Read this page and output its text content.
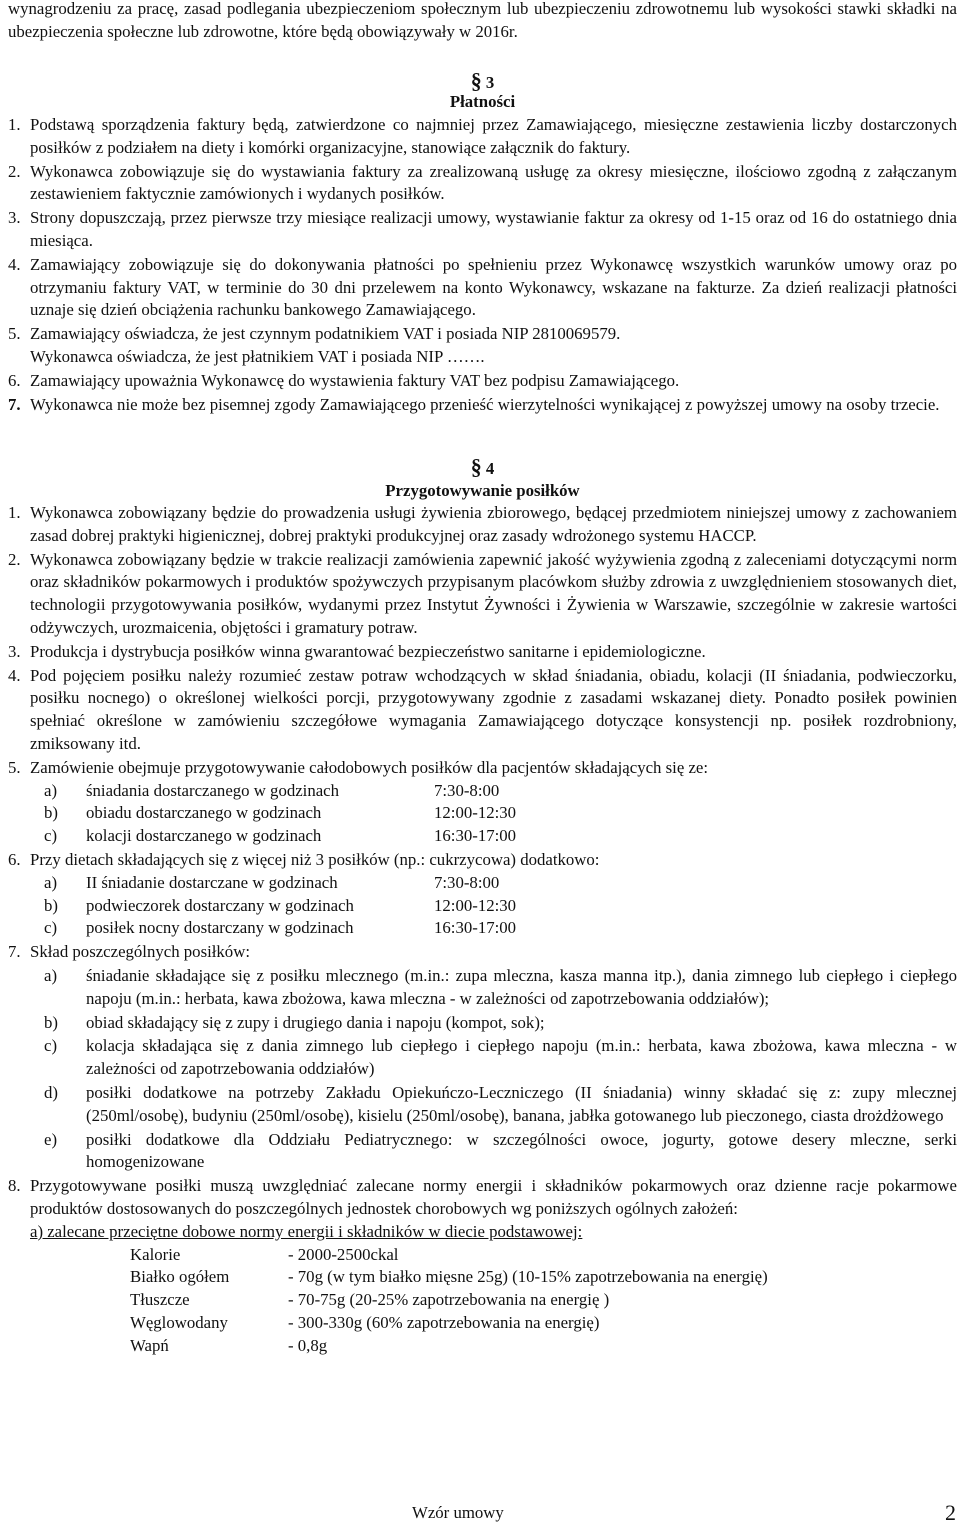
wynagrodzeniu za pracę, zasad podlegania ubezpieczeniom społecznym lub ubezpieczeniu zdrowotnemu lub wysokości stawki składki na ubezpieczenia społeczne lub zdrowotne, które będą obowiązywały w 2016r.
§ 3
Płatności
1. Podstawą sporządzenia faktury będą, zatwierdzone co najmniej przez Zamawiającego, miesięczne zestawienia liczby dostarczonych posiłków z podziałem na diety i komórki organizacyjne, stanowiące załącznik do faktury.
2. Wykonawca zobowiązuje się do wystawiania faktury za zrealizowaną usługę za okresy miesięczne, ilościowo zgodną z załączanym zestawieniem faktycznie zamówionych i wydanych posiłków.
3. Strony dopuszczają, przez pierwsze trzy miesiące realizacji umowy, wystawianie faktur za okresy od 1-15 oraz od 16 do ostatniego dnia miesiąca.
4. Zamawiający zobowiązuje się do dokonywania płatności po spełnieniu przez Wykonawcę wszystkich warunków umowy oraz po otrzymaniu faktury VAT, w terminie do 30 dni przelewem na konto Wykonawcy, wskazane na fakturze. Za dzień realizacji płatności uznaje się dzień obciążenia rachunku bankowego Zamawiającego.
5. Zamawiający oświadcza, że jest czynnym podatnikiem VAT i posiada NIP 2810069579.
Wykonawca oświadcza, że jest płatnikiem VAT i posiada NIP …….
6. Zamawiający upoważnia Wykonawcę do wystawienia faktury VAT bez podpisu Zamawiającego.
7. Wykonawca nie może bez pisemnej zgody Zamawiającego przenieść wierzytelności wynikającej z powyższej umowy na osoby trzecie.
§ 4
Przygotowywanie posiłków
1. Wykonawca zobowiązany będzie do prowadzenia usługi żywienia zbiorowego, będącej przedmiotem niniejszej umowy z zachowaniem zasad dobrej praktyki higienicznej, dobrej praktyki produkcyjnej oraz zasady wdrożonego systemu HACCP.
2. Wykonawca zobowiązany będzie w trakcie realizacji zamówienia zapewnić jakość wyżywienia zgodną z zaleceniami dotyczącymi norm oraz składników pokarmowych i produktów spożywczych przypisanym placówkom służby zdrowia z uwzględnieniem stosowanych diet, technologii przygotowywania posiłków, wydanymi przez Instytut Żywności i Żywienia w Warszawie, szczególnie w zakresie wartości odżywczych, urozmaicenia, objętości i gramatury potraw.
3. Produkcja i dystrybucja posiłków winna gwarantować bezpieczeństwo sanitarne i epidemiologiczne.
4. Pod pojęciem posiłku należy rozumieć zestaw potraw wchodzących w skład śniadania, obiadu, kolacji (II śniadania, podwieczorku, posiłku nocnego) o określonej wielkości porcji, przygotowywany zgodnie z zasadami wskazanej diety. Ponadto posiłek powinien spełniać określone w zamówieniu szczegółowe wymagania Zamawiającego dotyczące konsystencji np. posiłek rozdrobniony, zmiksowany itd.
5. Zamówienie obejmuje przygotowywanie całodobowych posiłków dla pacjentów składających się ze:
a) śniadania dostarczanego w godzinach	7:30-8:00
b) obiadu dostarczanego w godzinach	12:00-12:30
c) kolacji dostarczanego w godzinach	16:30-17:00
6. Przy dietach składających się z więcej niż 3 posiłków (np.: cukrzycowa) dodatkowo:
a) II śniadanie dostarczane w godzinach	7:30-8:00
b) podwieczorek dostarczany w godzinach	12:00-12:30
c) posiłek nocny dostarczany w godzinach	16:30-17:00
7. Skład poszczególnych posiłków:
a) śniadanie składające się z posiłku mlecznego (m.in.: zupa mleczna, kasza manna itp.), dania zimnego lub ciepłego i ciepłego napoju (m.in.: herbata, kawa zbożowa, kawa mleczna - w zależności od zapotrzebowania oddziałów);
b) obiad składający się z zupy i drugiego dania i napoju (kompot, sok);
c) kolacja składająca się z dania zimnego lub ciepłego i ciepłego napoju (m.in.: herbata, kawa zbożowa, kawa mleczna - w zależności od zapotrzebowania oddziałów)
d) posiłki dodatkowe na potrzeby Zakładu Opiekuńczo-Leczniczego (II śniadania) winny składać się z: zupy mlecznej (250ml/osobę), budyniu (250ml/osobę), kisielu (250ml/osobę), banana, jabłka gotowanego lub pieczonego, ciasta drożdżowego
e) posiłki dodatkowe dla Oddziału Pediatrycznego: w szczególności owoce, jogurty, gotowe desery mleczne, serki homogenizowane
8. Przygotowywane posiłki muszą uwzględniać zalecane normy energii i składników pokarmowych oraz dzienne racje pokarmowe produktów dostosowanych do poszczególnych jednostek chorobowych wg poniższych ogólnych założeń:
a) zalecane przeciętne dobowe normy energii i składników w diecie podstawowej:
Kalorie	- 2000-2500ckal
Białko ogółem	- 70g (w tym białko mięsne 25g) (10-15% zapotrzebowania na energię)
Tłuszcze	- 70-75g (20-25% zapotrzebowania na energię )
Węglowodany	- 300-330g (60% zapotrzebowania na energię)
Wapń	- 0,8g
Wzór umowy	2
